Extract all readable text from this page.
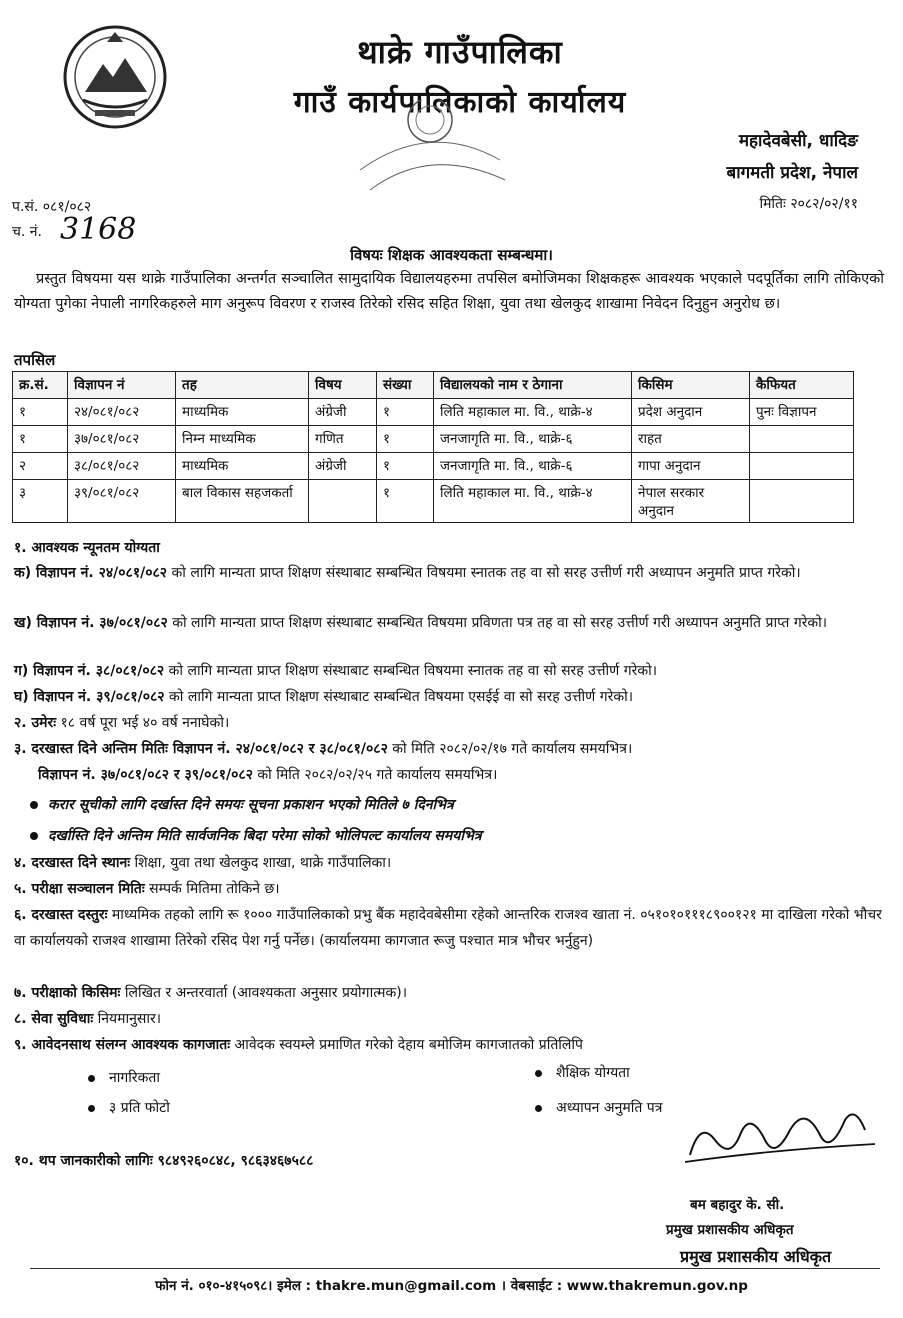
थाक्रे गाउँपालिका
गाउँ कार्यपालिकाको कार्यालय
महादेवबेसी, धादिङ
बागमती प्रदेश, नेपाल
मितिः २०८२/०२/११
प.सं. ०८१/०८२
च. नं. 3168
विषयः शिक्षक आवश्यकता सम्बन्धमा।
प्रस्तुत विषयमा यस थाक्रे गाउँपालिका अन्तर्गत सञ्चालित सामुदायिक विद्यालयहरुमा तपसिल बमोजिमका शिक्षकहरू आवश्यक भएकाले पदपूर्तिका लागि तोकिएको योग्यता पुगेका नेपाली नागरिकहरुले माग अनुरूप विवरण र राजस्व तिरेको रसिद सहित शिक्षा, युवा तथा खेलकुद शाखामा निवेदन दिनुहुन अनुरोध छ।
तपसिल
क्र.सं.	विज्ञापन नं	तह	विषय	संख्या	विद्यालयको नाम र ठेगाना	किसिम	कैफियत
१	२४/०८१/०८२	माध्यमिक	अंग्रेजी	१	लिति महाकाल मा. वि., थाक्रे-४	प्रदेश अनुदान	पुनः विज्ञापन
१	३७/०८१/०८२	निम्न माध्यमिक	गणित	१	जनजागृति मा. वि., थाक्रे-६	राहत	
२	३८/०८१/०८२	माध्यमिक	अंग्रेजी	१	जनजागृति मा. वि., थाक्रे-६	गापा अनुदान	
३	३९/०८१/०८२	बाल विकास सहजकर्ता		१	लिति महाकाल मा. वि., थाक्रे-४	नेपाल सरकार अनुदान	
१. आवश्यक न्यूनतम योग्यता
क) विज्ञापन नं. २४/०८१/०८२ को लागि मान्यता प्राप्त शिक्षण संस्थाबाट सम्बन्धित विषयमा स्नातक तह वा सो सरह उत्तीर्ण गरी अध्यापन अनुमति प्राप्त गरेको।
ख) विज्ञापन नं. ३७/०८१/०८२ को लागि मान्यता प्राप्त शिक्षण संस्थाबाट सम्बन्धित विषयमा प्रविणता पत्र तह वा सो सरह उत्तीर्ण गरी अध्यापन अनुमति प्राप्त गरेको।
ग) विज्ञापन नं. ३८/०८१/०८२ को लागि मान्यता प्राप्त शिक्षण संस्थाबाट सम्बन्धित विषयमा स्नातक तह वा सो सरह उत्तीर्ण गरेको।
घ) विज्ञापन नं. ३९/०८१/०८२ को लागि मान्यता प्राप्त शिक्षण संस्थाबाट सम्बन्धित विषयमा एसईई वा सो सरह उत्तीर्ण गरेको।
२. उमेरः १८ वर्ष पूरा भई ४० वर्ष ननाघेको।
३. दरखास्त दिने अन्तिम मितिः विज्ञापन नं. २४/०८१/०८२ र ३८/०८१/०८२ को मिति २०८२/०२/१७ गते कार्यालय समयभित्र।
विज्ञापन नं. ३७/०८१/०८२ र ३९/०८१/०८२ को मिति २०८२/०२/२५ गते कार्यालय समयभित्र।
करार सूचीको लागि दर्खास्त दिने समयः सूचना प्रकाशन भएको मितिले ७ दिनभित्र
दर्खास्ति दिने अन्तिम मिति सार्वजनिक बिदा परेमा सोको भोलिपल्ट कार्यालय समयभित्र
४. दरखास्त दिने स्थानः शिक्षा, युवा तथा खेलकुद शाखा, थाक्रे गाउँपालिका।
५. परीक्षा सञ्चालन मितिः सम्पर्क मितिमा तोकिने छ।
६. दरखास्त दस्तुरः माध्यमिक तहको लागि रू १००० गाउँपालिकाको प्रभु बैंक महादेवबेसीमा रहेको आन्तरिक राजश्व खाता नं. ०५१०१०१११८९००१२१ मा दाखिला गरेको भौचर वा कार्यालयको राजश्व शाखामा तिरेको रसिद पेश गर्नु पर्नेछ। (कार्यालयमा कागजात रूजु पश्चात मात्र भौचर भर्नुहुन)
७. परीक्षाको किसिमः लिखित र अन्तरवार्ता (आवश्यकता अनुसार प्रयोगात्मक)।
८. सेवा सुविधाः नियमानुसार।
९. आवेदनसाथ संलग्न आवश्यक कागजातः आवेदक स्वयम्ले प्रमाणित गरेको देहाय बमोजिम कागजातको प्रतिलिपि
नागरिकता
३ प्रति फोटो
शैक्षिक योग्यता
अध्यापन अनुमति पत्र
१०. थप जानकारीको लागिः ९८४९२६०८४८, ९८६३४६७५८८
बम बहादुर के. सी.
प्रमुख प्रशासकीय अधिकृत
प्रमुख प्रशासकीय अधिकृत
फोन नं. ०१०-४१५०९८। इमेल : thakre.mun@gmail.com । वेबसाईट : www.thakremun.gov.np
